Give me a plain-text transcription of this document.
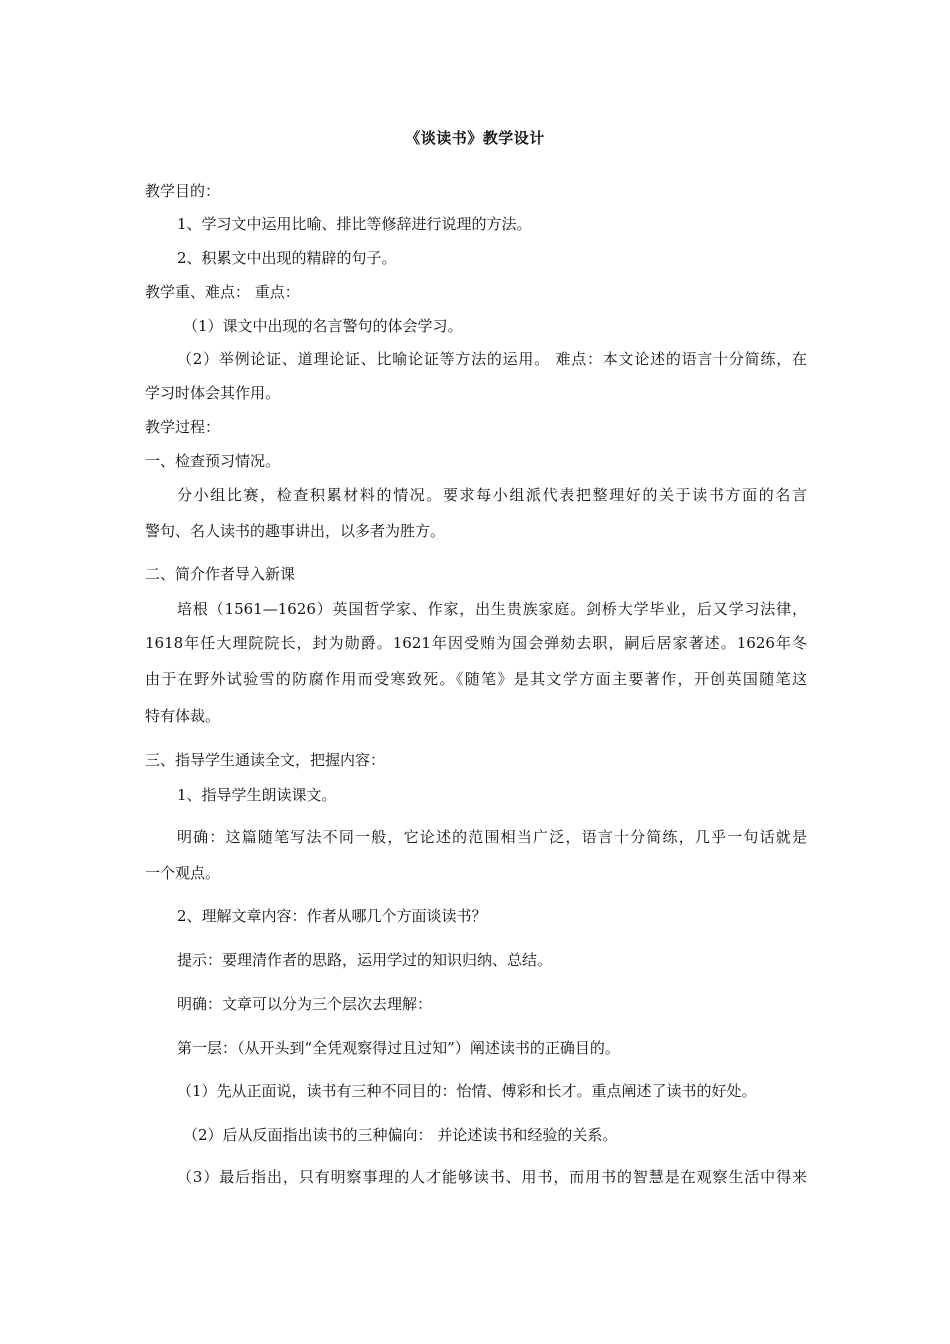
《谈读书》教学设计
教学目的：
1、学习文中运用比喻、排比等修辞进行说理的方法。
2、积累文中出现的精辟的句子。
教学重、难点： 重点：
（1）课文中出现的名言警句的体会学习。
（2）举例论证、道理论证、比喻论证等方法的运用。 难点：本文论述的语言十分简练，在
学习时体会其作用。
教学过程：
一、检查预习情况。
分小组比赛，检查积累材料的情况。要求每小组派代表把整理好的关于读书方面的名言
警句、名人读书的趣事讲出，以多者为胜方。
二、简介作者导入新课
培根（1561—1626）英国哲学家、作家，出生贵族家庭。剑桥大学毕业，后又学习法律，
1618年任大理院院长，封为勋爵。1621年因受贿为国会弹劾去职，嗣后居家著述。1626年冬
由于在野外试验雪的防腐作用而受寒致死。《随笔》是其文学方面主要著作，开创英国随笔这
特有体裁。
三、指导学生通读全文，把握内容：
1、指导学生朗读课文。
明确：这篇随笔写法不同一般，它论述的范围相当广泛，语言十分简练，几乎一句话就是
一个观点。
2、理解文章内容：作者从哪几个方面谈读书？
提示：要理清作者的思路，运用学过的知识归纳、总结。
明确：文章可以分为三个层次去理解：
第一层：（从开头到“全凭观察得过且过知”）阐述读书的正确目的。
（1）先从正面说，读书有三种不同目的：怡情、傅彩和长才。重点阐述了读书的好处。
（2）后从反面指出读书的三种偏向： 并论述读书和经验的关系。
（3）最后指出，只有明察事理的人才能够读书、用书，而用书的智慧是在观察生活中得来
